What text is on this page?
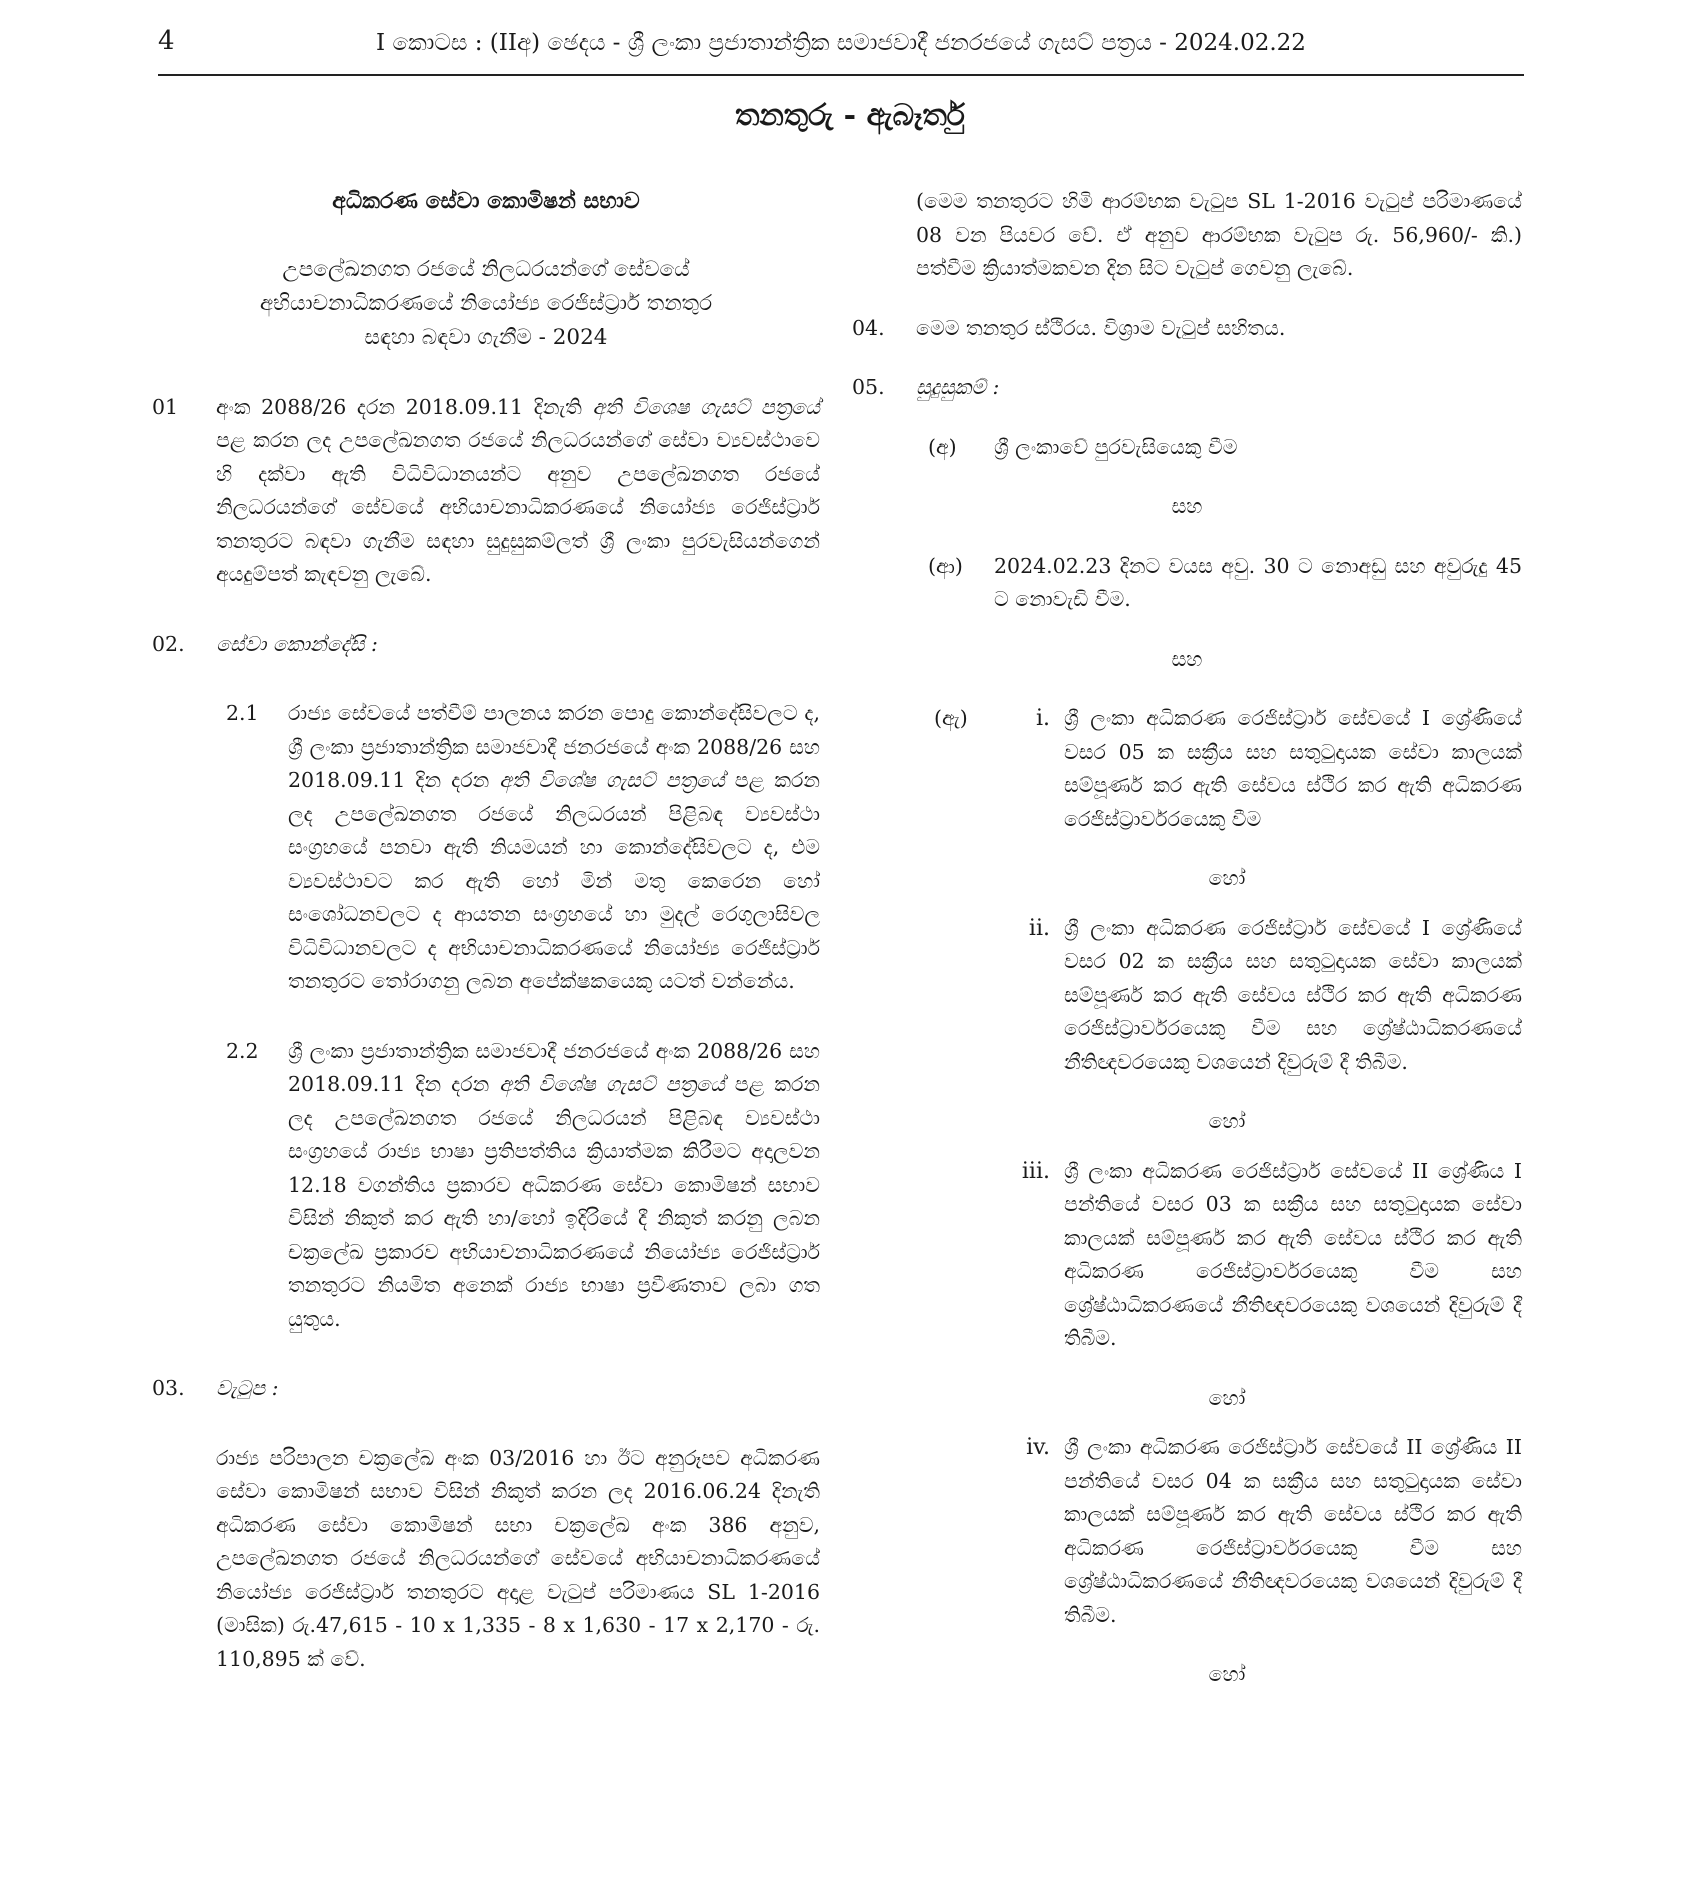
4	I කොටස : (IIඅ) ඡෙදය - ශ්‍රී ලංකා ප්‍රජාතාන්ත්‍රික සමාජවාදී ජනරජයේ ගැසට් පත්‍රය - 2024.02.22
තනතුරු - ඇබෑර්තු
අධිකරණ සේවා කොමිෂන් සභාව
උපලේඛනගත රජයේ නිලධරයන්ගේ සේවයේ
අභියාචනාධිකරණයේ නියෝජ්‍ය රෙජිස්ට්‍රාර් තනතුර
සඳහා බඳවා ගැනීම - 2024
01	අංක 2088/26 දරන 2018.09.11 දිනැති අති විශෙෂ ගැසට් පත්‍රයේ පළ කරන ලද උපලේඛනගත රජයේ නිලධරයන්ගේ සේවා ව්‍යවස්ථාවෙ හි දක්වා ඇති විධිවිධානයන්ට අනුව උපලේඛනගත රජයේ නිලධරයන්ගේ සේවයේ අභියාචනාධිකරණයේ නියෝජ්‍ය රෙජිස්ට්‍රාර් තනතුරට බඳවා ගැනීම සඳහා සුදුසුකම්ලත් ශ්‍රී ලංකා පුරවැසියන්ගෙන් අයදුම්පත් කැඳවනු ලැබේ.
02.	සේවා කොන්දේසි :
2.1	රාජ්‍ය සේවයේ පත්වීම් පාලනය කරන පොදු කොන්දේසිවලට ද, ශ්‍රී ලංකා ප්‍රජාතාන්ත්‍රික සමාජවාදී ජනරජයේ අංක 2088/26 සහ 2018.09.11 දින දරන අති විශේෂ ගැසට් පත්‍රයේ පළ කරන ලද උපලේඛනගත රජයේ නිලධරයන් පිළිබඳ ව්‍යවස්ථා සංග්‍රහයේ පනවා ඇති නියමයන් හා කොන්දේසිවලට ද, එම ව්‍යවස්ථාවට කර ඇති හෝ මින් මතු කෙරෙන හෝ සංශෝධනවලට ද ආයතන සංග්‍රහයේ හා මුදල් රෙගුලාසිවල විධිවිධානවලට ද අභියාචනාධිකරණයේ නියෝජ්‍ය රෙජිස්ට්‍රාර් තනතුරට තෝරාගනු ලබන අපේක්ෂකයෙකු යටත් වන්නේය.
2.2	ශ්‍රී ලංකා ප්‍රජාතාන්ත්‍රික සමාජවාදී ජනරජයේ අංක 2088/26 සහ 2018.09.11 දින දරන අති විශේෂ ගැසට් පත්‍රයේ පළ කරන ලද උපලේඛනගත රජයේ නිලධරයන් පිළිබඳ ව්‍යවස්ථා සංග්‍රහයේ රාජ්‍ය භාෂා ප්‍රතිපත්තිය ක්‍රියාත්මක කිරීමට අදාලවන 12.18 වගන්තිය ප්‍රකාරව අධිකරණ සේවා කොමිෂන් සභාව විසින් නිකුත් කර ඇති හා/හෝ ඉදිරියේ දී නිකුත් කරනු ලබන චක්‍රලේඛ ප්‍රකාරව අභියාචනාධිකරණයේ නියෝජ්‍ය රෙජිස්ට්‍රාර් තනතුරට නියමිත අනෙක් රාජ්‍ය භාෂා ප්‍රවීණතාව ලබා ගත යුතුය.
03.	වැටුප :
රාජ්‍ය පරිපාලන චක්‍රලේඛ අංක 03/2016 හා ඊට අනුරූපව අධිකරණ සේවා කොමිෂන් සභාව විසින් නිකුත් කරන ලද 2016.06.24 දිනැති අධිකරණ සේවා කොමිෂන් සභා චක්‍රලේඛ අංක 386 අනුව, උපලේඛනගත රජයේ නිලධරයන්ගේ සේවයේ අභියාචනාධිකරණයේ නියෝජ්‍ය රෙජිස්ට්‍රාර් තනතුරට අදාළ වැටුප් පරිමාණය SL 1-2016 (මාසික) රු.47,615 - 10 x 1,335 - 8 x 1,630 - 17 x 2,170 - රු. 110,895 ක් වේ.
(මෙම තනතුරට හිමි ආරම්භක වැටුප SL 1-2016 වැටුප් පරිමාණයේ 08 වන පියවර වේ. ඒ අනුව ආරම්භක වැටුප රු. 56,960/- කි.) පත්වීම ක්‍රියාත්මකවන දින සිට වැටුප් ගෙවනු ලැබේ.
04.	මෙම තනතුර ස්ථිරය. විශ්‍රාම වැටුප් සහිතය.
05.	සුදුසුකම් :
(අ)	ශ්‍රී ලංකාවේ පුරවැසියෙකු වීම
සහ
(ආ)	2024.02.23 දිනට වයස අවු. 30 ට නොඅඩු සහ අවුරුදු 45 ට නොවැඩි වීම.
සහ
(ඇ)	i. ශ්‍රී ලංකා අධිකරණ රෙජිස්ට්‍රාර් සේවයේ I ශ්‍රේණියේ වසර 05 ක සක්‍රීය සහ සතුටුදායක සේවා කාලයක් සම්පූර්ණ කර ඇති සේවය ස්ථිර කර ඇති අධිකරණ රෙජිස්ට්‍රාර්වරයෙකු වීම
හෝ
ii. ශ්‍රී ලංකා අධිකරණ රෙජිස්ට්‍රාර් සේවයේ I ශ්‍රේණියේ වසර 02 ක සක්‍රීය සහ සතුටුදායක සේවා කාලයක් සම්පූර්ණ කර ඇති සේවය ස්ථිර කර ඇති අධිකරණ රෙජිස්ට්‍රාර්වරයෙකු වීම සහ ශ්‍රේෂ්ඨාධිකරණයේ නීතිඥවරයෙකු වශයෙන් දිවුරුම් දී තිබීම.
හෝ
iii. ශ්‍රී ලංකා අධිකරණ රෙජිස්ට්‍රාර් සේවයේ II ශ්‍රේණිය I පන්තියේ වසර 03 ක සක්‍රීය සහ සතුටුදායක සේවා කාලයක් සම්පූර්ණ කර ඇති සේවය ස්ථිර කර ඇති අධිකරණ රෙජිස්ට්‍රාර්වරයෙකු වීම සහ ශ්‍රේෂ්ඨාධිකරණයේ නීතිඥවරයෙකු වශයෙන් දිවුරුම් දී තිබීම.
හෝ
iv. ශ්‍රී ලංකා අධිකරණ රෙජිස්ට්‍රාර් සේවයේ II ශ්‍රේණිය II පන්තියේ වසර 04 ක සක්‍රීය සහ සතුටුදායක සේවා කාලයක් සම්පූර්ණ කර ඇති සේවය ස්ථිර කර ඇති අධිකරණ රෙජිස්ට්‍රාර්වරයෙකු වීම සහ ශ්‍රේෂ්ඨාධිකරණයේ නීතිඥවරයෙකු වශයෙන් දිවුරුම් දී තිබීම.
හෝ
